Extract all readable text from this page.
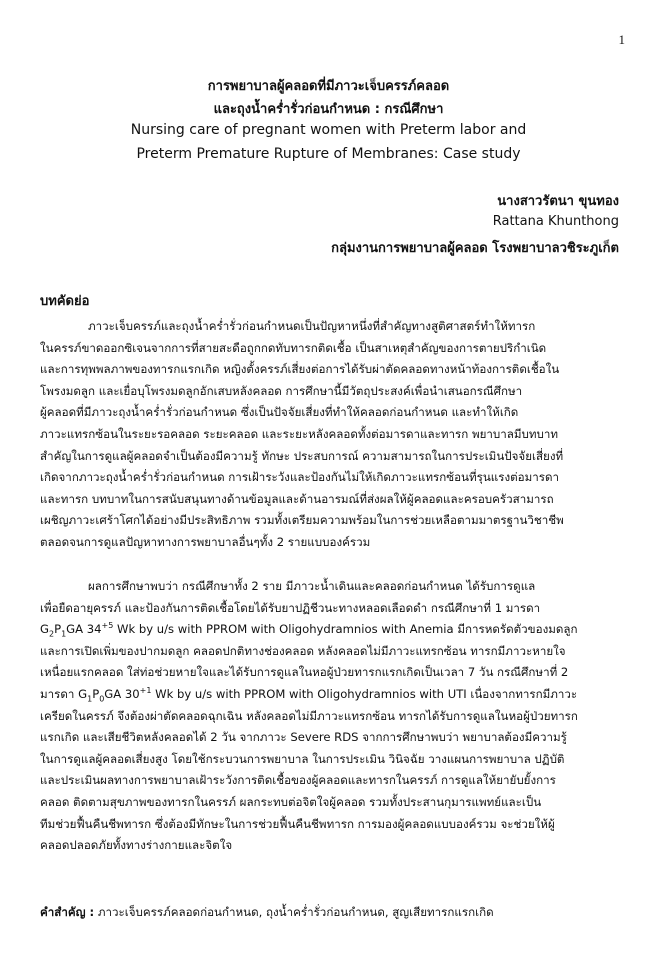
1
การพยาบาลผู้คลอดที่มีภาวะเจ็บครรภ์คลอด
และถุงน้ำคร่ำรั่วก่อนกำหนด : กรณีศึกษา
Nursing care of pregnant women with Preterm labor and
Preterm Premature Rupture of Membranes: Case study
นางสาวรัตนา ขุนทอง
Rattana Khunthong
กลุ่มงานการพยาบาลผู้คลอด โรงพยาบาลวชิระภูเก็ต
บทคัดย่อ
ภาวะเจ็บครรภ์และถุงน้ำคร่ำรั่วก่อนกำหนดเป็นปัญหาหนึ่งที่สำคัญทางสูติศาสตร์ทำให้ทารก
ในครรภ์ขาดออกซิเจนจากการที่สายสะดือถูกกดทับทารกติดเชื้อ เป็นสาเหตุสำคัญของการตายปริกำเนิด
และการทุพพลภาพของทารกแรกเกิด หญิงตั้งครรภ์เสี่ยงต่อการได้รับผ่าตัดคลอดทางหน้าท้องการติดเชื้อใน
โพรงมดลูก และเยื่อบุโพรงมดลูกอักเสบหลังคลอด การศึกษานี้มีวัตถุประสงค์เพื่อนำเสนอกรณีศึกษา
ผู้คลอดที่มีภาวะถุงน้ำคร่ำรั่วก่อนกำหนด ซึ่งเป็นปัจจัยเสี่ยงที่ทำให้คลอดก่อนกำหนด และทำให้เกิด
ภาวะแทรกซ้อนในระยะรอคลอด ระยะคลอด และระยะหลังคลอดทั้งต่อมารดาและทารก พยาบาลมีบทบาท
สำคัญในการดูแลผู้คลอดจำเป็นต้องมีความรู้ ทักษะ ประสบการณ์ ความสามารถในการประเมินปัจจัยเสี่ยงที่
เกิดจากภาวะถุงน้ำคร่ำรั่วก่อนกำหนด การเฝ้าระวังและป้องกันไม่ให้เกิดภาวะแทรกซ้อนที่รุนแรงต่อมารดา
และทารก บทบาทในการสนับสนุนทางด้านข้อมูลและด้านอารมณ์ที่ส่งผลให้ผู้คลอดและครอบครัวสามารถ
เผชิญภาวะเศร้าโศกได้อย่างมีประสิทธิภาพ รวมทั้งเตรียมความพร้อมในการช่วยเหลือตามมาตรฐานวิชาชีพ
ตลอดจนการดูแลปัญหาทางการพยาบาลอื่นๆทั้ง 2 รายแบบองค์รวม
ผลการศึกษาพบว่า กรณีศึกษาทั้ง 2 ราย มีภาวะน้ำเดินและคลอดก่อนกำหนด ได้รับการดูแล
เพื่อยืดอายุครรภ์ และป้องกันการติดเชื้อโดยได้รับยาปฏิชีวนะทางหลอดเลือดดำ กรณีศึกษาที่ 1 มารดา
$G_2P_1GA$ $34^{+5}$ Wk by u/s with PPROM with Oligohydramnios with Anemia มีการหดรัดตัวของมดลูก
และการเปิดเพิ่มของปากมดลูก คลอดปกติทางช่องคลอด หลังคลอดไม่มีภาวะแทรกซ้อน ทารกมีภาวะหายใจ
เหนื่อยแรกคลอด ใส่ท่อช่วยหายใจและได้รับการดูแลในหอผู้ป่วยทารกแรกเกิดเป็นเวลา 7 วัน กรณีศึกษาที่ 2
มารดา $G_1P_0GA$ $30^{+1}$ Wk by u/s with PPROM with Oligohydramnios with UTI เนื่องจากทารกมีภาวะ
เครียดในครรภ์ จึงต้องผ่าตัดคลอดฉุกเฉิน หลังคลอดไม่มีภาวะแทรกซ้อน ทารกได้รับการดูแลในหอผู้ป่วยทารก
แรกเกิด และเสียชีวิตหลังคลอดได้ 2 วัน จากภาวะ Severe RDS จากการศึกษาพบว่า พยาบาลต้องมีความรู้
ในการดูแลผู้คลอดเสี่ยงสูง โดยใช้กระบวนการพยาบาล ในการประเมิน วินิจฉัย วางแผนการพยาบาล ปฏิบัติ
และประเมินผลทางการพยาบาลเฝ้าระวังการติดเชื้อของผู้คลอดและทารกในครรภ์ การดูแลให้ยายับยั้งการ
คลอด ติดตามสุขภาพของทารกในครรภ์ ผลกระทบต่อจิตใจผู้คลอด รวมทั้งประสานกุมารแพทย์และเป็น
ทีมช่วยฟื้นคืนชีพทารก ซึ่งต้องมีทักษะในการช่วยฟื้นคืนชีพทารก การมองผู้คลอดแบบองค์รวม จะช่วยให้ผู้
คลอดปลอดภัยทั้งทางร่างกายและจิตใจ
คำสำคัญ : ภาวะเจ็บครรภ์คลอดก่อนกำหนด, ถุงน้ำคร่ำรั่วก่อนกำหนด, สูญเสียทารกแรกเกิด
